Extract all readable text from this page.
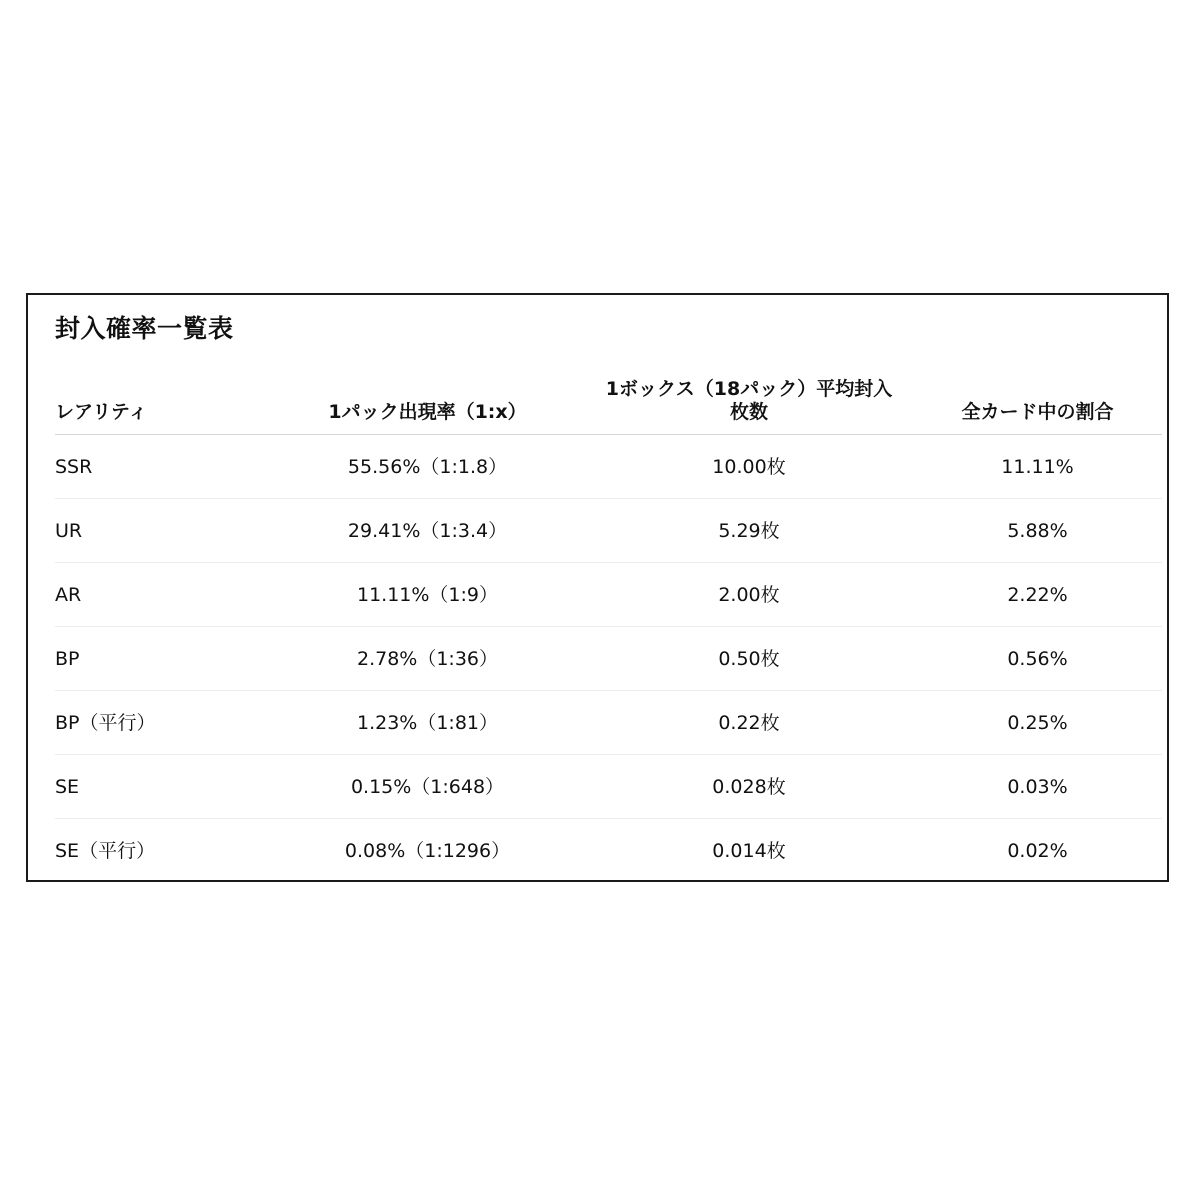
封入確率一覧表
レアリティ	1パック出現率（1:x）	1ボックス（18パック）平均封入枚数	全カード中の割合
SSR	55.56%（1:1.8）	10.00枚	11.11%
UR	29.41%（1:3.4）	5.29枚	5.88%
AR	11.11%（1:9）	2.00枚	2.22%
BP	2.78%（1:36）	0.50枚	0.56%
BP（平行）	1.23%（1:81）	0.22枚	0.25%
SE	0.15%（1:648）	0.028枚	0.03%
SE（平行）	0.08%（1:1296）	0.014枚	0.02%
